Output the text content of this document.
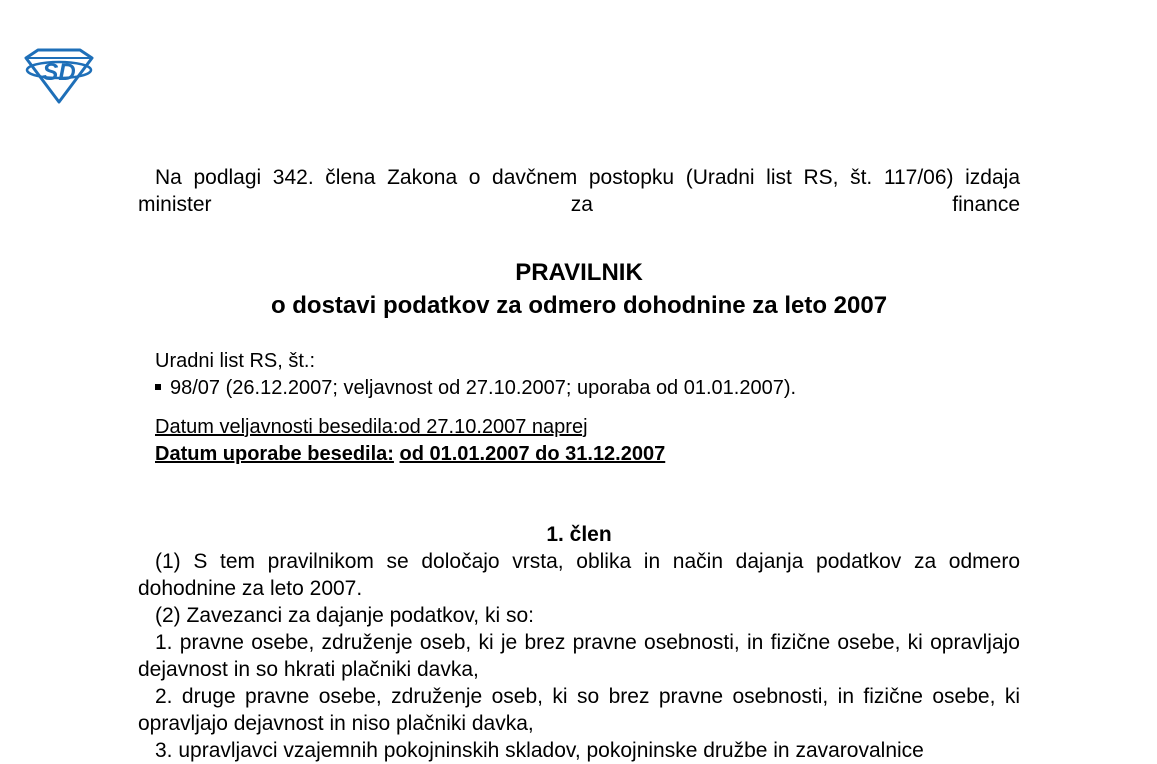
SD

Na podlagi 342. člena Zakona o davčnem postopku (Uradni list RS, št. 117/06) izdaja minister za finance

PRAVILNIK

o dostavi podatkov za odmero dohodnine za leto 2007

Uradni list RS, št.:

98/07 (26.12.2007; veljavnost od 27.10.2007; uporaba od 01.01.2007).

Datum veljavnosti besedila:od 27.10.2007 naprej

Datum uporabe besedila: od 01.01.2007 do 31.12.2007

1. člen

(1) S tem pravilnikom se določajo vrsta, oblika in način dajanja podatkov za odmero dohodnine za leto 2007.

(2) Zavezanci za dajanje podatkov, ki so:

1. pravne osebe, združenje oseb, ki je brez pravne osebnosti, in fizične osebe, ki opravljajo dejavnost in so hkrati plačniki davka,

2. druge pravne osebe, združenje oseb, ki so brez pravne osebnosti, in fizične osebe, ki opravljajo dejavnost in niso plačniki davka,

3. upravljavci vzajemnih pokojninskih skladov, pokojninske družbe in zavarovalnice
